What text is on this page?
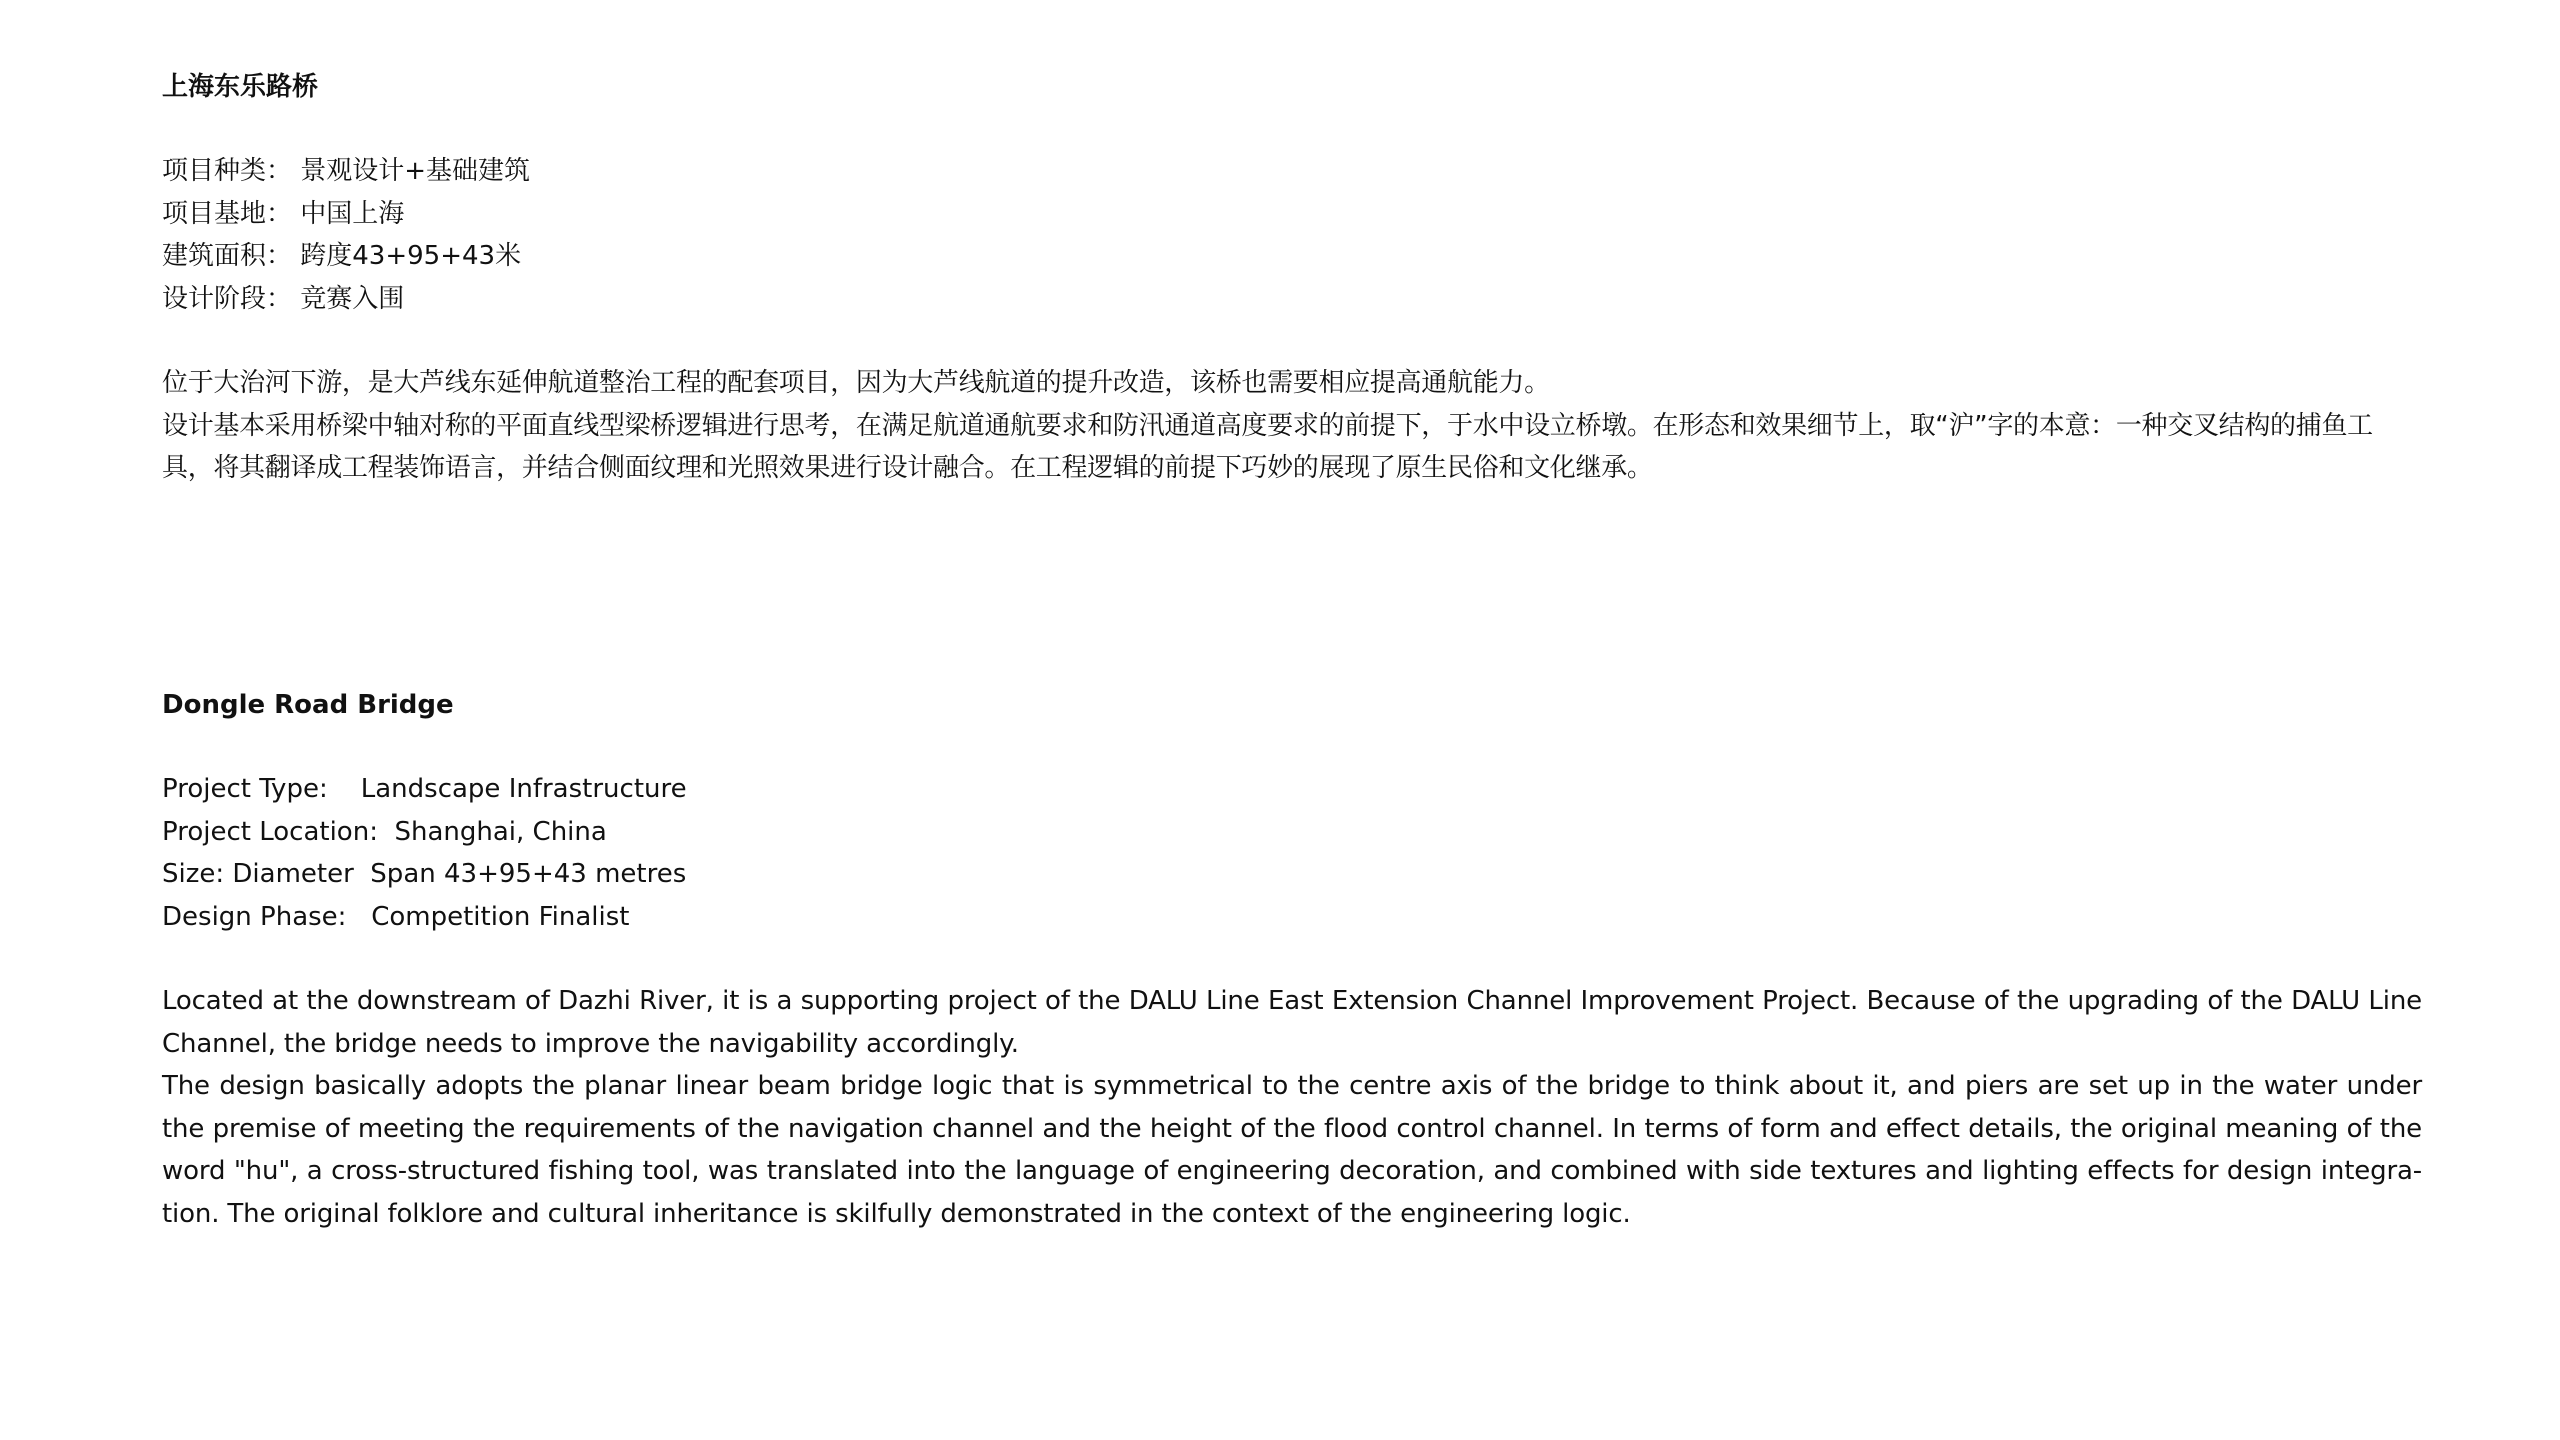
上海东乐路桥
项目种类： 景观设计+基础建筑
项目基地： 中国上海
建筑面积： 跨度43+95+43米
设计阶段： 竞赛入围

位于大治河下游，是大芦线东延伸航道整治工程的配套项目，因为大芦线航道的提升改造，该桥也需要相应提高通航能力。

设计基本采用桥梁中轴对称的平面直线型梁桥逻辑进行思考，在满足航道通航要求和防汛通道高度要求的前提下，于水中设立桥墩。在形态和效果细节上，取“沪”字的本意：一种交叉结构的捕鱼工具，将其翻译成工程装饰语言，并结合侧面纹理和光照效果进行设计融合。在工程逻辑的前提下巧妙的展现了原生民俗和文化继承。

Dongle Road Bridge
Project Type:    Landscape Infrastructure
Project Location:  Shanghai, China
Size: Diameter  Span 43+95+43 metres
Design Phase:   Competition Finalist

Located at the downstream of Dazhi River, it is a supporting project of the DALU Line East Extension Channel Improvement Project. Because of the upgrading of the DALU Line Channel, the bridge needs to improve the navigability accordingly.

The design basically adopts the planar linear beam bridge logic that is symmetrical to the centre axis of the bridge to think about it, and piers are set up in the water under the premise of meeting the requirements of the navigation channel and the height of the flood control channel. In terms of form and effect details, the original meaning of the word "hu", a cross-structured fishing tool, was translated into the language of engineering decoration, and combined with side textures and lighting effects for design integra-tion. The original folklore and cultural inheritance is skilfully demonstrated in the context of the engineering logic.
